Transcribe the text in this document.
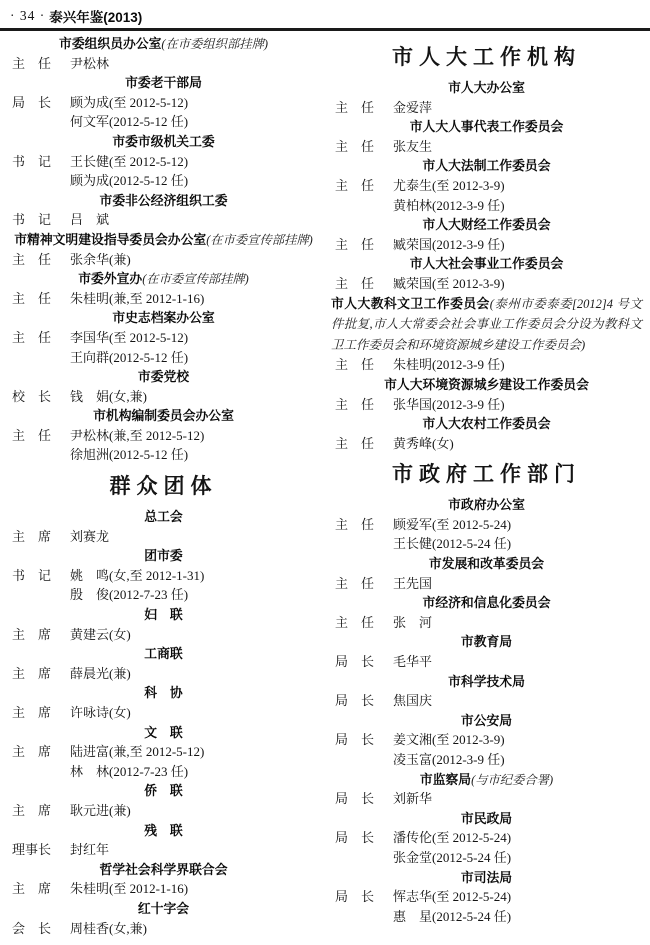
· 34 · 泰兴年鉴(2013)
市委组织员办公室(在市委组织部挂牌)
主　任 尹松林
市委老干部局
局　长 顾为成(至 2012-5-12)
何文军(2012-5-12 任)
市委市级机关工委
书　记 王长健(至 2012-5-12)
顾为成(2012-5-12 任)
市委非公经济组织工委
书　记 吕　斌
市精神文明建设指导委员会办公室(在市委宣传部挂牌)
主　任 张余华(兼)
市委外宣办(在市委宣传部挂牌)
主　任 朱桂明(兼,至 2012-1-16)
市史志档案办公室
主　任 李国华(至 2012-5-12)
王向群(2012-5-12 任)
市委党校
校　长 钱　娟(女,兼)
市机构编制委员会办公室
主　任 尹松林(兼,至 2012-5-12)
徐旭洲(2012-5-12 任)
群众团体
总工会
主　席 刘赛龙
团市委
书　记 姚　鸣(女,至 2012-1-31)
殷　俊(2012-7-23 任)
妇　联
主　席 黄建云(女)
工商联
主　席 薛晨光(兼)
科　协
主　席 许咏诗(女)
文　联
主　席 陆进富(兼,至 2012-5-12)
林　林(2012-7-23 任)
侨　联
主　席 耿元进(兼)
残　联
理事长 封红年
哲学社会科学界联合会
主　席 朱桂明(至 2012-1-16)
红十字会
会　长 周桂香(女,兼)
市人大工作机构
市人大办公室
主　任 金爱萍
市人大人事代表工作委员会
主　任 张友生
市人大法制工作委员会
主　任 尤泰生(至 2012-3-9)
黄柏林(2012-3-9 任)
市人大财经工作委员会
主　任 臧荣国(2012-3-9 任)
市人大社会事业工作委员会
主　任 臧荣国(至 2012-3-9)
市人大教科文卫工作委员会(泰州市委泰委[2012]4 号文件批复,市人大常委会社会事业工作委员会分设为教科文卫工作委员会和环境资源城乡建设工作委员会)
主　任 朱桂明(2012-3-9 任)
市人大环境资源城乡建设工作委员会
主　任 张华国(2012-3-9 任)
市人大农村工作委员会
主　任 黄秀峰(女)
市政府工作部门
市政府办公室
主　任 顾爱军(至 2012-5-24)
王长健(2012-5-24 任)
市发展和改革委员会
主　任 王先国
市经济和信息化委员会
主　任 张　河
市教育局
局　长 毛华平
市科学技术局
局　长 焦国庆
市公安局
局　长 姜文湘(至 2012-3-9)
凌玉富(2012-3-9 任)
市监察局(与市纪委合署)
局　长 刘新华
市民政局
局　长 潘传伦(至 2012-5-24)
张金堂(2012-5-24 任)
市司法局
局　长 恽志华(至 2012-5-24)
惠　星(2012-5-24 任)
